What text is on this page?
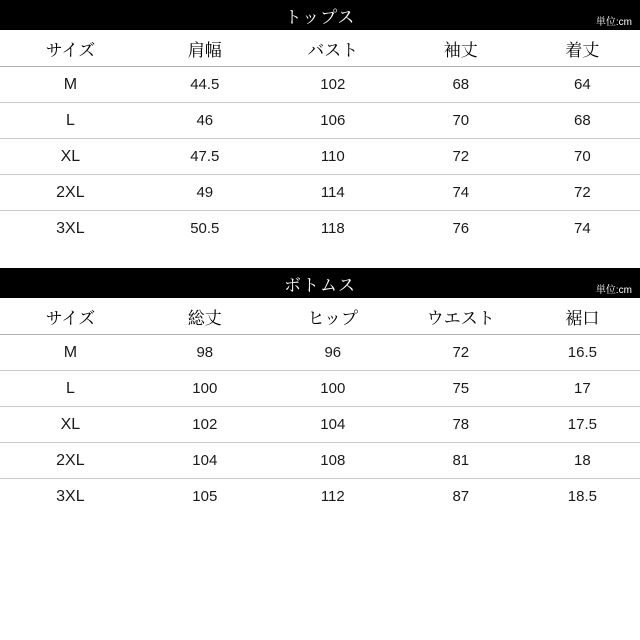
トップス	単位:cm
サイズ	肩幅	バスト	袖丈	着丈
M	44.5	102	68	64
L	46	106	70	68
XL	47.5	110	72	70
2XL	49	114	74	72
3XL	50.5	118	76	74
ボトムス	単位:cm
サイズ	総丈	ヒップ	ウエスト	裾口
M	98	96	72	16.5
L	100	100	75	17
XL	102	104	78	17.5
2XL	104	108	81	18
3XL	105	112	87	18.5
